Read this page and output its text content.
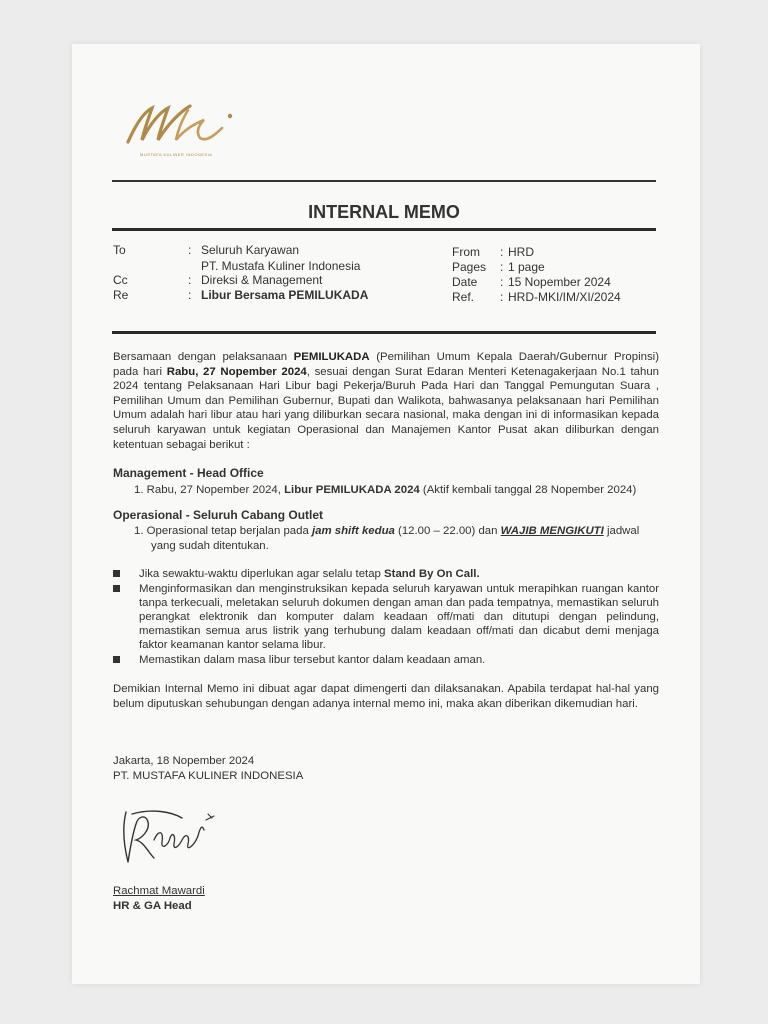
MUSTAFA KULINER INDONESIA
INTERNAL MEMO
To	: Seluruh Karyawan
PT. Mustafa Kuliner Indonesia
Cc	: Direksi & Management
Re	: Libur Bersama PEMILUKADA
From : HRD
Pages : 1 page
Date : 15 Nopember 2024
Ref. : HRD-MKI/IM/XI/2024
Bersamaan dengan pelaksanaan PEMILUKADA (Pemilihan Umum Kepala Daerah/Gubernur Propinsi) pada hari Rabu, 27 Nopember 2024, sesuai dengan Surat Edaran Menteri Ketenagakerjaan No.1 tahun 2024 tentang Pelaksanaan Hari Libur bagi Pekerja/Buruh Pada Hari dan Tanggal Pemungutan Suara , Pemilihan Umum dan Pemilihan Gubernur, Bupati dan Walikota, bahwasanya pelaksanaan hari Pemilihan Umum adalah hari libur atau hari yang diliburkan secara nasional, maka dengan ini di informasikan kepada seluruh karyawan untuk kegiatan Operasional dan Manajemen Kantor Pusat akan diliburkan dengan ketentuan sebagai berikut :
Management - Head Office
1. Rabu, 27 Nopember 2024, Libur PEMILUKADA 2024 (Aktif kembali tanggal 28 Nopember 2024)
Operasional - Seluruh Cabang Outlet
1. Operasional tetap berjalan pada jam shift kedua (12.00 – 22.00) dan WAJIB MENGIKUTI jadwal
yang sudah ditentukan.
Jika sewaktu-waktu diperlukan agar selalu tetap Stand By On Call.
Menginformasikan dan menginstruksikan kepada seluruh karyawan untuk merapihkan ruangan kantor tanpa terkecuali, meletakan seluruh dokumen dengan aman dan pada tempatnya, memastikan seluruh perangkat elektronik dan komputer dalam keadaan off/mati dan ditutupi dengan pelindung, memastikan semua arus listrik yang terhubung dalam keadaan off/mati dan dicabut demi menjaga faktor keamanan kantor selama libur.
Memastikan dalam masa libur tersebut kantor dalam keadaan aman.
Demikian Internal Memo ini dibuat agar dapat dimengerti dan dilaksanakan. Apabila terdapat hal-hal yang belum diputuskan sehubungan dengan adanya internal memo ini, maka akan diberikan dikemudian hari.
Jakarta, 18 Nopember 2024
PT. MUSTAFA KULINER INDONESIA
Rachmat Mawardi
HR & GA Head
